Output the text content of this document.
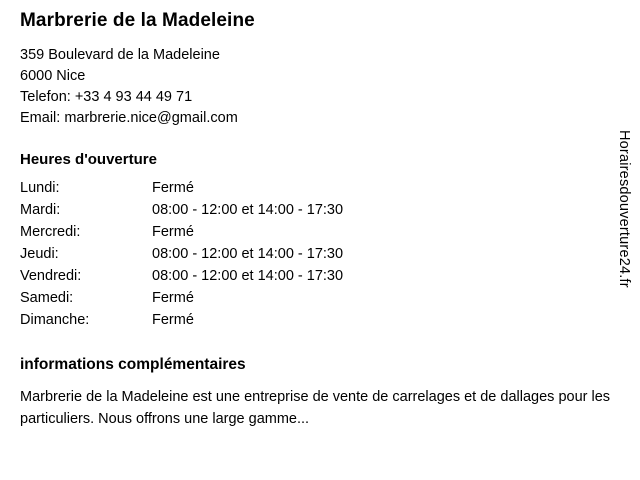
Marbrerie de la Madeleine

359 Boulevard de la Madeleine

6000 Nice

Telefon: +33 4 93 44 49 71

Email: marbrerie.nice@gmail.com

Heures d'ouverture
Lundi:	Fermé
Mardi:	08:00 - 12:00 et 14:00 - 17:30
Mercredi:	Fermé
Jeudi:	08:00 - 12:00 et 14:00 - 17:30
Vendredi:	08:00 - 12:00 et 14:00 - 17:30
Samedi:	Fermé
Dimanche:	Fermé
informations complémentaires

Marbrerie de la Madeleine est une entreprise de vente de carrelages et de dallages pour les particuliers. Nous offrons une large gamme...

Horairesdouverture24.fr
